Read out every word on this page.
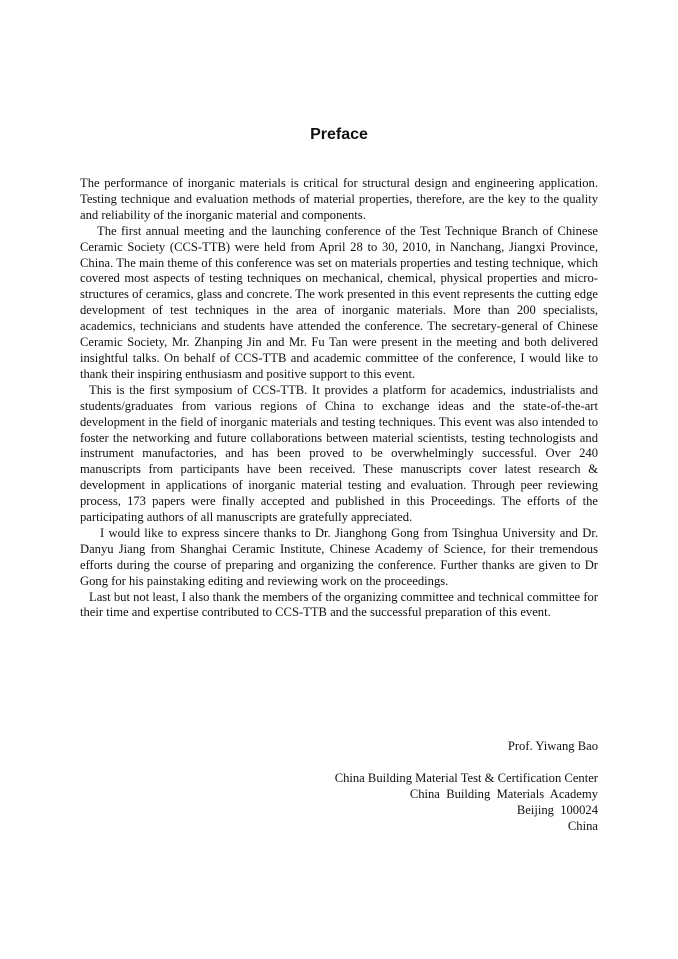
Preface

The performance of inorganic materials is critical for structural design and engineering application. Testing technique and evaluation methods of material properties, therefore, are the key to the quality and reliability of the inorganic material and components.

The first annual meeting and the launching conference of the Test Technique Branch of Chinese Ceramic Society (CCS-TTB) were held from April 28 to 30, 2010, in Nanchang, Jiangxi Province, China. The main theme of this conference was set on materials properties and testing technique, which covered most aspects of testing techniques on mechanical, chemical, physical properties and micro-structures of ceramics, glass and concrete. The work presented in this event represents the cutting edge development of test techniques in the area of inorganic materials. More than 200 specialists, academics, technicians and students have attended the conference. The secretary-general of Chinese Ceramic Society, Mr. Zhanping Jin and Mr. Fu Tan were present in the meeting and both delivered insightful talks. On behalf of CCS-TTB and academic committee of the conference, I would like to thank their inspiring enthusiasm and positive support to this event.

This is the first symposium of CCS-TTB. It provides a platform for academics, industrialists and students/graduates from various regions of China to exchange ideas and the state-of-the-art development in the field of inorganic materials and testing techniques. This event was also intended to foster the networking and future collaborations between material scientists, testing technologists and instrument manufactories, and has been proved to be overwhelmingly successful. Over 240 manuscripts from participants have been received. These manuscripts cover latest research & development in applications of inorganic material testing and evaluation. Through peer reviewing process, 173 papers were finally accepted and published in this Proceedings. The efforts of the participating authors of all manuscripts are gratefully appreciated.

I would like to express sincere thanks to Dr. Jianghong Gong from Tsinghua University and Dr. Danyu Jiang from Shanghai Ceramic Institute, Chinese Academy of Science, for their tremendous efforts during the course of preparing and organizing the conference. Further thanks are given to Dr Gong for his painstaking editing and reviewing work on the proceedings.

Last but not least, I also thank the members of the organizing committee and technical committee for their time and expertise contributed to CCS-TTB and the successful preparation of this event.

Prof. Yiwang Bao
China Building Material Test & Certification Center
China  Building  Materials  Academy
Beijing  100024
China
